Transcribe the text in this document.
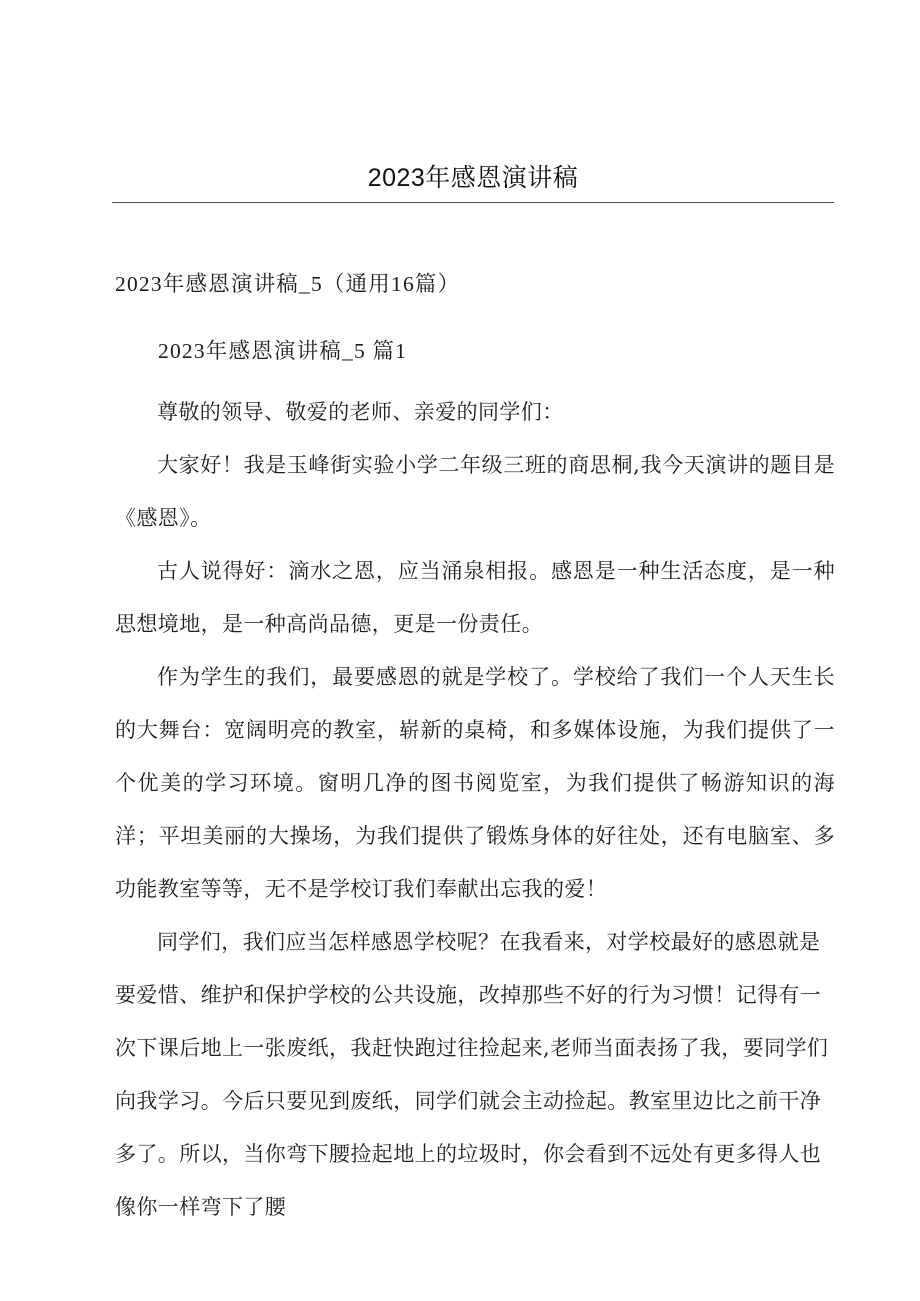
2023年感恩演讲稿

2023年感恩演讲稿_5（通用16篇）

2023年感恩演讲稿_5 篇1

尊敬的领导、敬爱的老师、亲爱的同学们：

大家好！我是玉峰街实验小学二年级三班的商思桐,我今天演讲的题目是《感恩》。

古人说得好：滴水之恩，应当涌泉相报。感恩是一种生活态度，是一种思想境地，是一种高尚品德，更是一份责任。

作为学生的我们，最要感恩的就是学校了。学校给了我们一个人天生长的大舞台：宽阔明亮的教室，崭新的桌椅，和多媒体设施，为我们提供了一个优美的学习环境。窗明几净的图书阅览室，为我们提供了畅游知识的海洋；平坦美丽的大操场，为我们提供了锻炼身体的好往处，还有电脑室、多功能教室等等，无不是学校订我们奉献出忘我的爱！

同学们，我们应当怎样感恩学校呢？在我看来，对学校最好的感恩就是要爱惜、维护和保护学校的公共设施，改掉那些不好的行为习惯！记得有一次下课后地上一张废纸，我赶快跑过往捡起来,老师当面表扬了我，要同学们向我学习。今后只要见到废纸，同学们就会主动捡起。教室里边比之前干净多了。所以，当你弯下腰捡起地上的垃圾时，你会看到不远处有更多得人也像你一样弯下了腰
